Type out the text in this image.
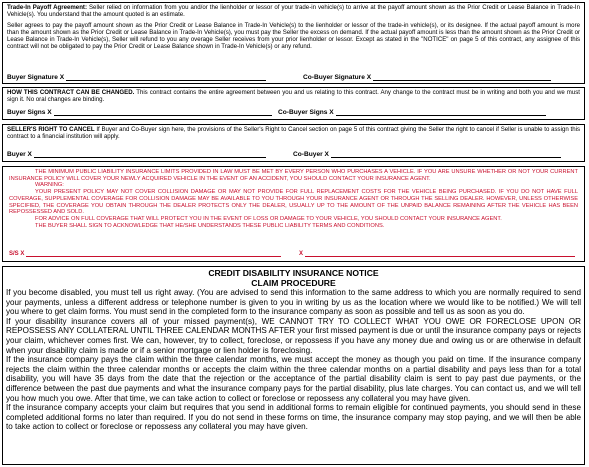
Trade-In Payoff Agreement: Seller relied on information from you and/or the lienholder or lessor of your trade-in vehicle(s) to arrive at the payoff amount shown as the Prior Credit or Lease Balance in Trade-In Vehicle(s). You understand that the amount quoted is an estimate.

Seller agrees to pay the payoff amount shown as the Prior Credit or Lease Balance in Trade-In Vehicle(s) to the lienholder or lessor of the trade-in vehicle(s), or its designee. If the actual payoff amount is more than the amount shown as the Prior Credit or Lease Balance in Trade-In Vehicle(s), you must pay the Seller the excess on demand. If the actual payoff amount is less than the amount shown as the Prior Credit or Lease Balance in Trade-In Vehicle(s), Seller will refund to you any overage Seller receives from your prior lienholder or lessor. Except as stated in the "NOTICE" on page 5 of this contract, any assignee of this contract will not be obligated to pay the Prior Credit or Lease Balance shown in Trade-In Vehicle(s) or any refund.

Buyer Signature X	Co-Buyer Signature X

HOW THIS CONTRACT CAN BE CHANGED. This contract contains the entire agreement between you and us relating to this contract. Any change to the contract must be in writing and both you and we must sign it. No oral changes are binding.

Buyer Signs X	Co-Buyer Signs X

SELLER'S RIGHT TO CANCEL If Buyer and Co-Buyer sign here, the provisions of the Seller's Right to Cancel section on page 5 of this contract giving the Seller the right to cancel if Seller is unable to assign this contract to a financial institution will apply.

Buyer X	Co-Buyer X

THE MINIMUM PUBLIC LIABILITY INSURANCE LIMITS PROVIDED IN LAW MUST BE MET BY EVERY PERSON WHO PURCHASES A VEHICLE. IF YOU ARE UNSURE WHETHER OR NOT YOUR CURRENT INSURANCE POLICY WILL COVER YOUR NEWLY ACQUIRED VEHICLE IN THE EVENT OF AN ACCIDENT, YOU SHOULD CONTACT YOUR INSURANCE AGENT.

WARNING:

YOUR PRESENT POLICY MAY NOT COVER COLLISION DAMAGE OR MAY NOT PROVIDE FOR FULL REPLACEMENT COSTS FOR THE VEHICLE BEING PURCHASED. IF YOU DO NOT HAVE FULL COVERAGE, SUPPLEMENTAL COVERAGE FOR COLLISION DAMAGE MAY BE AVAILABLE TO YOU THROUGH YOUR INSURANCE AGENT OR THROUGH THE SELLING DEALER. HOWEVER, UNLESS OTHERWISE SPECIFIED, THE COVERAGE YOU OBTAIN THROUGH THE DEALER PROTECTS ONLY THE DEALER, USUALLY UP TO THE AMOUNT OF THE UNPAID BALANCE REMAINING AFTER THE VEHICLE HAS BEEN REPOSSESSED AND SOLD.

FOR ADVICE ON FULL COVERAGE THAT WILL PROTECT YOU IN THE EVENT OF LOSS OR DAMAGE TO YOUR VEHICLE, YOU SHOULD CONTACT YOUR INSURANCE AGENT.

THE BUYER SHALL SIGN TO ACKNOWLEDGE THAT HE/SHE UNDERSTANDS THESE PUBLIC LIABILITY TERMS AND CONDITIONS.

S/S X	X
CREDIT DISABILITY INSURANCE NOTICE
CLAIM PROCEDURE

If you become disabled, you must tell us right away. (You are advised to send this information to the same address to which you are normally required to send your payments, unless a different address or telephone number is given to you in writing by us as the location where we would like to be notified.) We will tell you where to get claim forms. You must send in the completed form to the insurance company as soon as possible and tell us as soon as you do.

If your disability insurance covers all of your missed payment(s), WE CANNOT TRY TO COLLECT WHAT YOU OWE OR FORECLOSE UPON OR REPOSSESS ANY COLLATERAL UNTIL THREE CALENDAR MONTHS AFTER your first missed payment is due or until the insurance company pays or rejects your claim, whichever comes first. We can, however, try to collect, foreclose, or repossess if you have any money due and owing us or are otherwise in default when your disability claim is made or if a senior mortgage or lien holder is foreclosing.

If the insurance company pays the claim within the three calendar months, we must accept the money as though you paid on time. If the insurance company rejects the claim within the three calendar months or accepts the claim within the three calendar months on a partial disability and pays less than for a total disability, you will have 35 days from the date that the rejection or the acceptance of the partial disability claim is sent to pay past due payments, or the difference between the past due payments and what the insurance company pays for the partial disability, plus late charges. You can contact us, and we will tell you how much you owe. After that time, we can take action to collect or foreclose or repossess any collateral you may have given.

If the insurance company accepts your claim but requires that you send in additional forms to remain eligible for continued payments, you should send in these completed additional forms no later than required. If you do not send in these forms on time, the insurance company may stop paying, and we will then be able to take action to collect or foreclose or repossess any collateral you may have given.
